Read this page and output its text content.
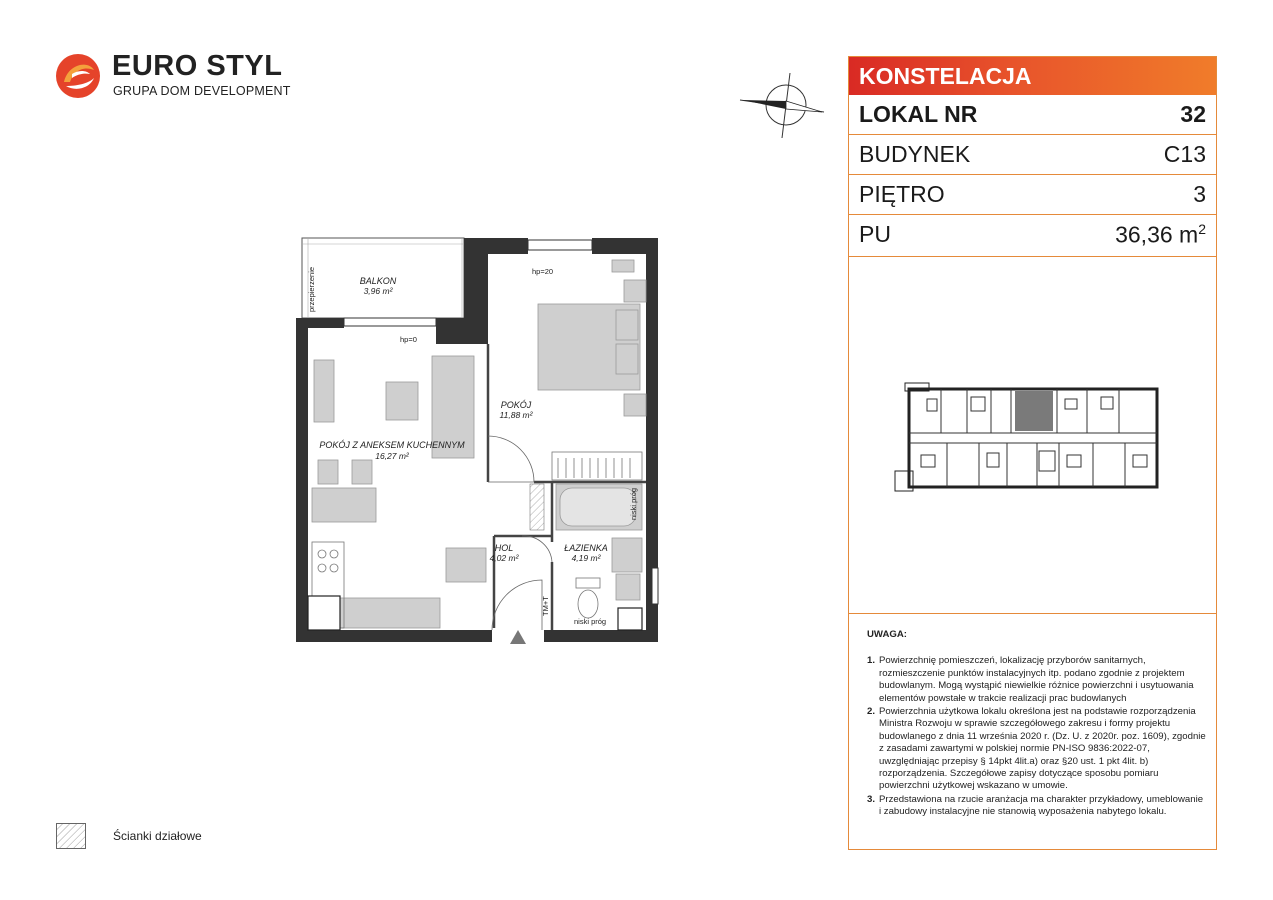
EURO STYL
GRUPA DOM DEVELOPMENT
KONSTELACJA
LOKAL NR	32
BUDYNEK	C13
PIĘTRO	3
PU	36,36 $m^2$
UWAGA:
1. Powierzchnię pomieszczeń, lokalizację przyborów sanitarnych, rozmieszczenie punktów instalacyjnych itp. podano zgodnie z projektem budowlanym. Mogą wystąpić niewielkie różnice powierzchni i usytuowania elementów powstałe w trakcie realizacji prac budowlanych
2. Powierzchnia użytkowa lokalu określona jest na podstawie rozporządzenia Ministra Rozwoju w sprawie szczegółowego zakresu i formy projektu budowlanego z dnia 11 września 2020 r. (Dz. U. z 2020r. poz. 1609), zgodnie z zasadami zawartymi w polskiej normie PN-ISO 9836:2022-07, uwzględniając przepisy § 14pkt 4lit.a) oraz §20 ust. 1 pkt 4lit. b) rozporządzenia. Szczegółowe zapisy dotyczące sposobu pomiaru powierzchni użytkowej wskazano w umowie.
3. Przedstawiona na rzucie aranżacja ma charakter przykładowy, umeblowanie i zabudowy instalacyjne nie stanowią wyposażenia nabytego lokalu.
BALKON
3,96 m²
POKÓJ
11,88 m²
POKÓJ Z ANEKSEM KUCHENNYM
16,27 m²
HOL
4,02 m²
ŁAZIENKA
4,19 m²
przepierzenie
hp=0
hp=20
niski próg
niski próg
TM+T
Ścianki działowe
